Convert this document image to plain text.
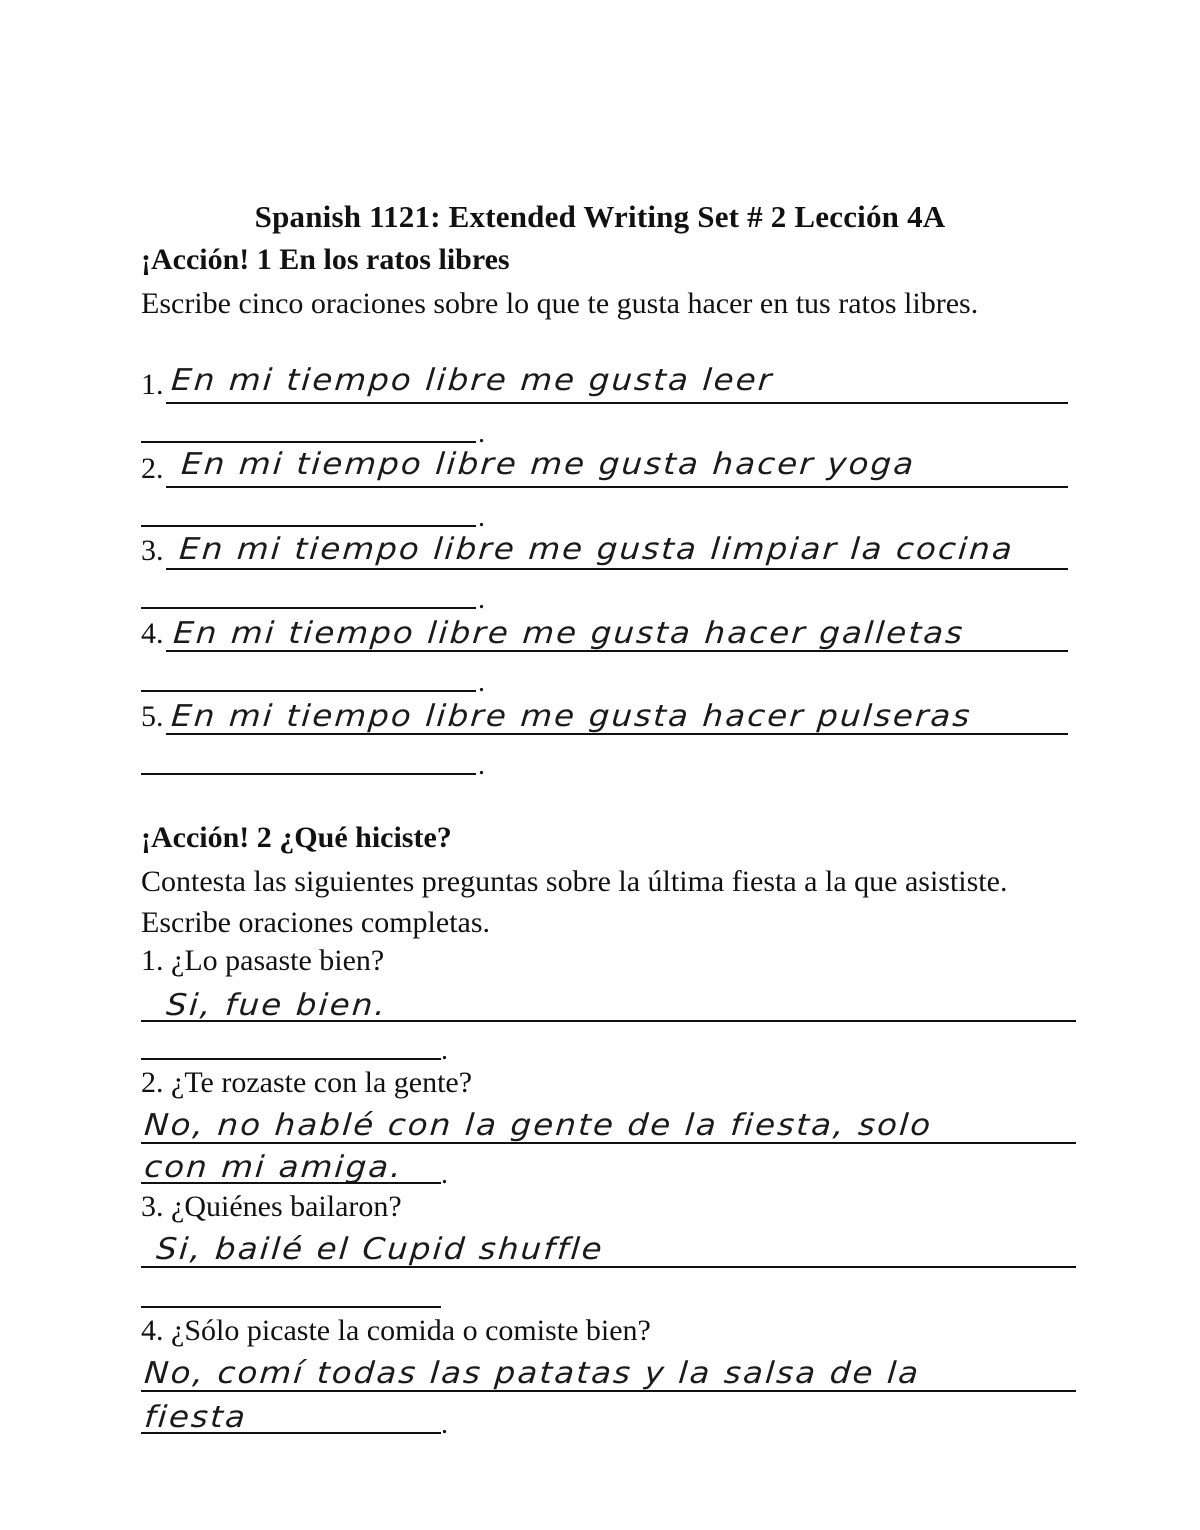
Spanish 1121: Extended Writing Set # 2 Lección 4A
¡Acción! 1 En los ratos libres
Escribe cinco oraciones sobre lo que te gusta hacer en tus ratos libres.
1. En mi tiempo libre me gusta leer
.
2. En mi tiempo libre me gusta hacer yoga
.
3. En mi tiempo libre me gusta limpiar la cocina
.
4. En mi tiempo libre me gusta hacer galletas
.
5. En mi tiempo libre me gusta hacer pulseras
.
¡Acción! 2 ¿Qué hiciste?
Contesta las siguientes preguntas sobre la última fiesta a la que asististe. Escribe oraciones completas.
1. ¿Lo pasaste bien?
Si, fue bien.
.
2. ¿Te rozaste con la gente?
No, no hablé con la gente de la fiesta, solo
con mi amiga. .
3. ¿Quiénes bailaron?
Si, bailé el Cupid shuffle
4. ¿Sólo picaste la comida o comiste bien?
No, comí todas las patatas y la salsa de la
fiesta	.
